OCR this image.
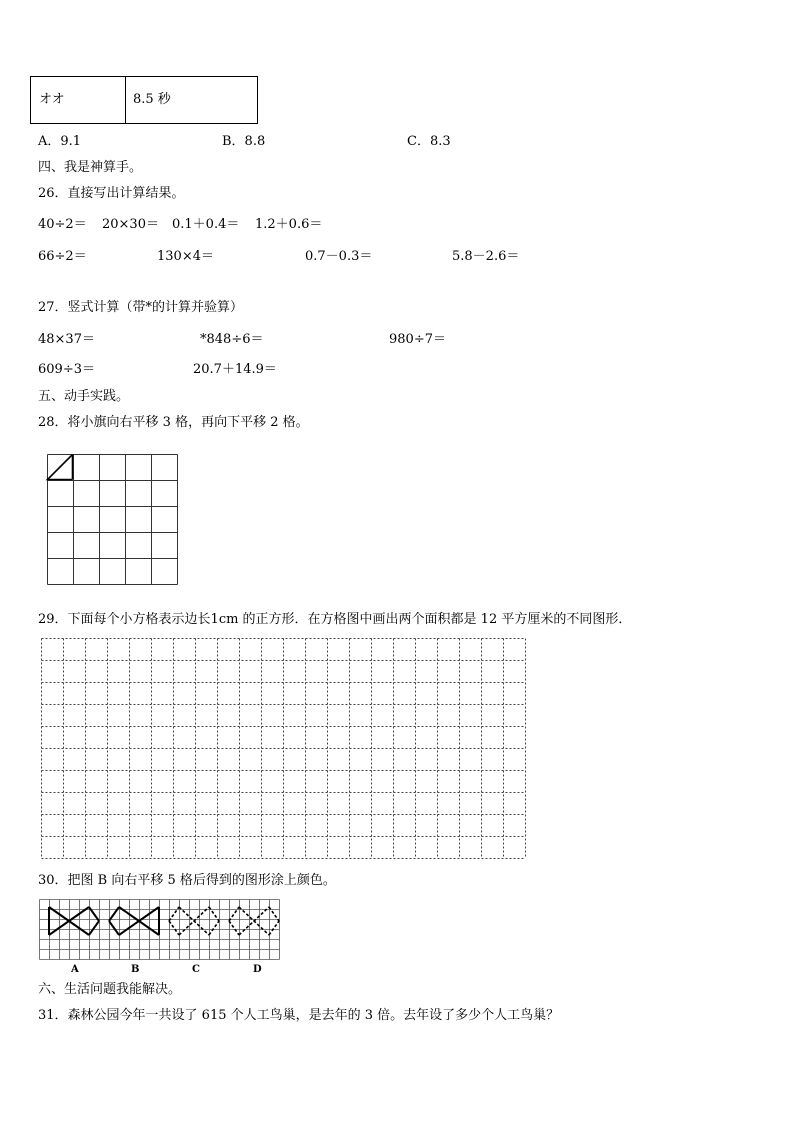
オオ	8.5 秒
A．9.1	B．8.8	C．8.3
四、我是神算手。
26．直接写出计算结果。
40÷2＝ 20×30＝ 0.1＋0.4＝ 1.2＋0.6＝
66÷2＝	130×4＝	0.7－0.3＝	5.8－2.6＝
27．竖式计算（带*的计算并验算）
48×37＝	*848÷6＝	980÷7＝
609÷3＝	20.7＋14.9＝
五、动手实践。
28．将小旗向右平移 3 格，再向下平移 2 格。
29．下面每个小方格表示边长1cm 的正方形．在方格图中画出两个面积都是 12 平方厘米的不同图形．
30．把图 B 向右平移 5 格后得到的图形涂上颜色。
A	B	C	D
六、生活问题我能解决。
31．森林公园今年一共设了 615 个人工鸟巢，是去年的 3 倍。去年设了多少个人工鸟巢？
